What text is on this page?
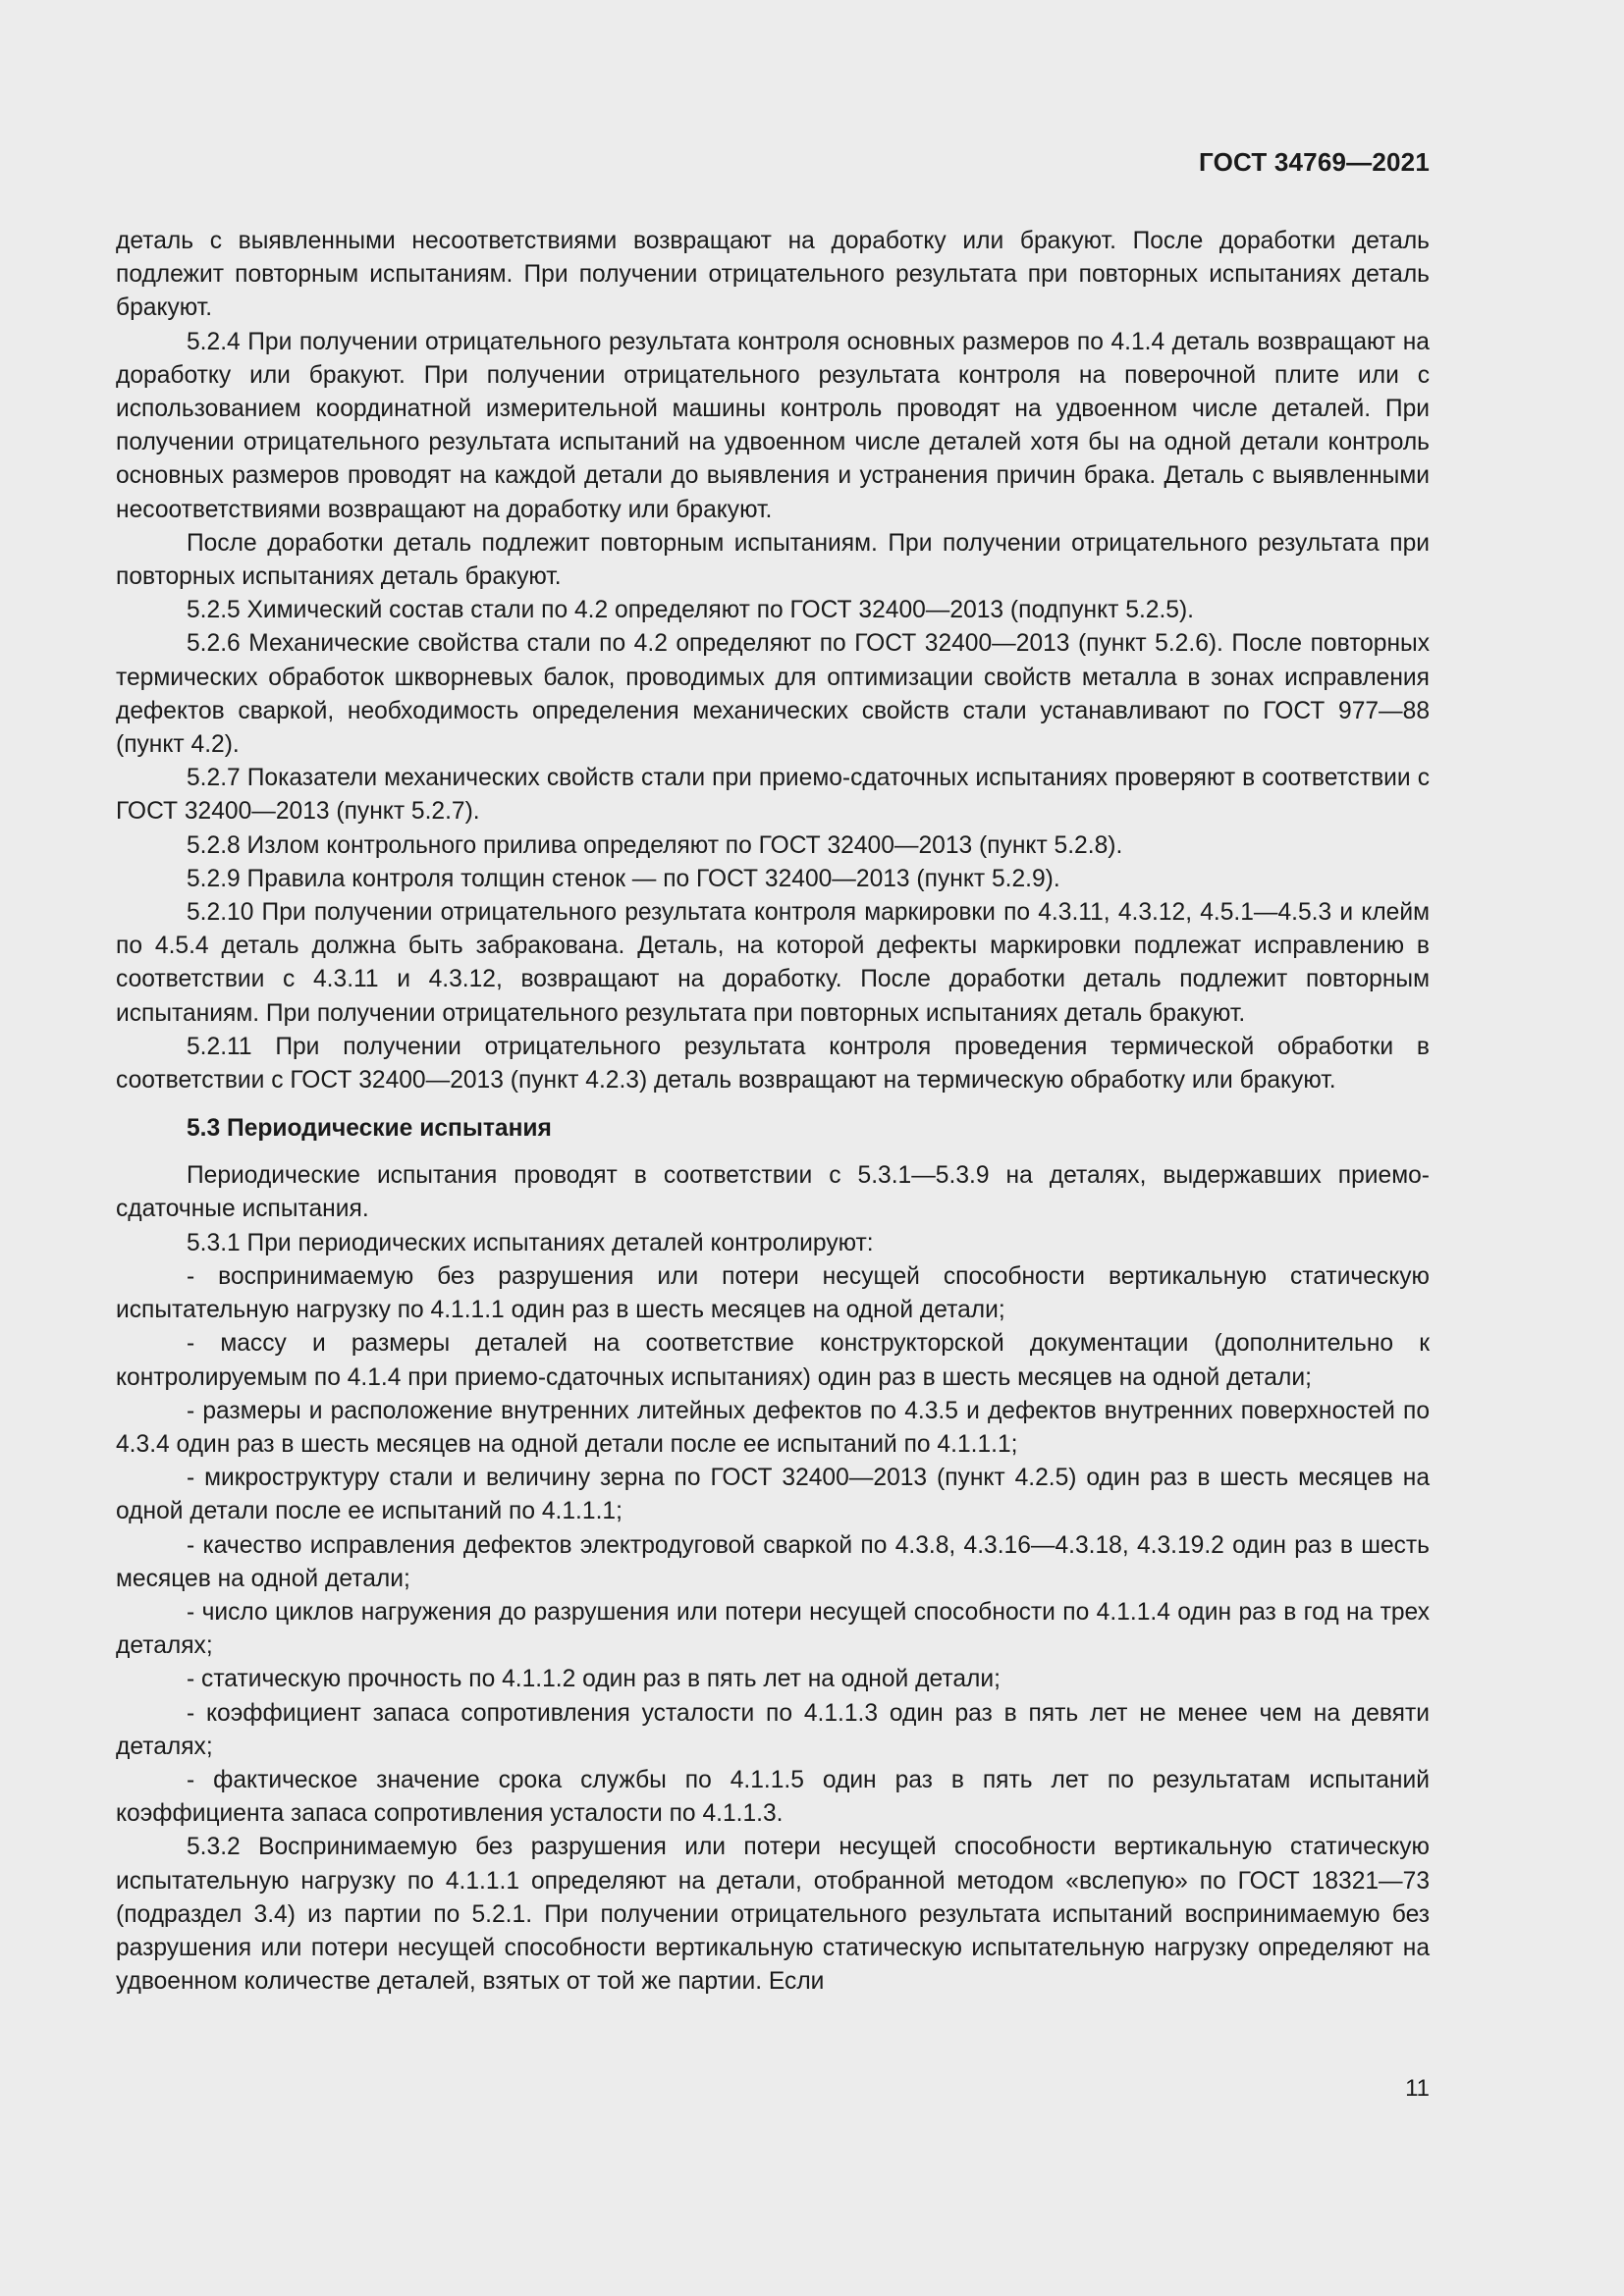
ГОСТ 34769—2021

деталь с выявленными несоответствиями возвращают на доработку или бракуют. После доработки деталь подлежит повторным испытаниям. При получении отрицательного результата при повторных испытаниях деталь бракуют.

5.2.4 При получении отрицательного результата контроля основных размеров по 4.1.4 деталь возвращают на доработку или бракуют. При получении отрицательного результата контроля на поверочной плите или с использованием координатной измерительной машины контроль проводят на удвоенном числе деталей. При получении отрицательного результата испытаний на удвоенном числе деталей хотя бы на одной детали контроль основных размеров проводят на каждой детали до выявления и устранения причин брака. Деталь с выявленными несоответствиями возвращают на доработку или бракуют.

После доработки деталь подлежит повторным испытаниям. При получении отрицательного результата при повторных испытаниях деталь бракуют.

5.2.5 Химический состав стали по 4.2 определяют по ГОСТ 32400—2013 (подпункт 5.2.5).

5.2.6 Механические свойства стали по 4.2 определяют по ГОСТ 32400—2013 (пункт 5.2.6). После повторных термических обработок шкворневых балок, проводимых для оптимизации свойств металла в зонах исправления дефектов сваркой, необходимость определения механических свойств стали устанавливают по ГОСТ 977—88 (пункт 4.2).

5.2.7 Показатели механических свойств стали при приемо-сдаточных испытаниях проверяют в соответствии с ГОСТ 32400—2013 (пункт 5.2.7).

5.2.8 Излом контрольного прилива определяют по ГОСТ 32400—2013 (пункт 5.2.8).

5.2.9 Правила контроля толщин стенок — по ГОСТ 32400—2013 (пункт 5.2.9).

5.2.10 При получении отрицательного результата контроля маркировки по 4.3.11, 4.3.12, 4.5.1—4.5.3 и клейм по 4.5.4 деталь должна быть забракована. Деталь, на которой дефекты маркировки подлежат исправлению в соответствии с 4.3.11 и 4.3.12, возвращают на доработку. После доработки деталь подлежит повторным испытаниям. При получении отрицательного результата при повторных испытаниях деталь бракуют.

5.2.11 При получении отрицательного результата контроля проведения термической обработки в соответствии с ГОСТ 32400—2013 (пункт 4.2.3) деталь возвращают на термическую обработку или бракуют.

5.3 Периодические испытания

Периодические испытания проводят в соответствии с 5.3.1—5.3.9 на деталях, выдержавших приемо-сдаточные испытания.

5.3.1 При периодических испытаниях деталей контролируют:

- воспринимаемую без разрушения или потери несущей способности вертикальную статическую испытательную нагрузку по 4.1.1.1 один раз в шесть месяцев на одной детали;

- массу и размеры деталей на соответствие конструкторской документации (дополнительно к контролируемым по 4.1.4 при приемо-сдаточных испытаниях) один раз в шесть месяцев на одной детали;

- размеры и расположение внутренних литейных дефектов по 4.3.5 и дефектов внутренних поверхностей по 4.3.4 один раз в шесть месяцев на одной детали после ее испытаний по 4.1.1.1;

- микроструктуру стали и величину зерна по ГОСТ 32400—2013 (пункт 4.2.5) один раз в шесть месяцев на одной детали после ее испытаний по 4.1.1.1;

- качество исправления дефектов электродуговой сваркой по 4.3.8, 4.3.16—4.3.18, 4.3.19.2 один раз в шесть месяцев на одной детали;

- число циклов нагружения до разрушения или потери несущей способности по 4.1.1.4 один раз в год на трех деталях;

- статическую прочность по 4.1.1.2 один раз в пять лет на одной детали;

- коэффициент запаса сопротивления усталости по 4.1.1.3 один раз в пять лет не менее чем на девяти деталях;

- фактическое значение срока службы по 4.1.1.5 один раз в пять лет по результатам испытаний коэффициента запаса сопротивления усталости по 4.1.1.3.

5.3.2 Воспринимаемую без разрушения или потери несущей способности вертикальную статическую испытательную нагрузку по 4.1.1.1 определяют на детали, отобранной методом «вслепую» по ГОСТ 18321—73 (подраздел 3.4) из партии по 5.2.1. При получении отрицательного результата испытаний воспринимаемую без разрушения или потери несущей способности вертикальную статическую испытательную нагрузку определяют на удвоенном количестве деталей, взятых от той же партии. Если

11
